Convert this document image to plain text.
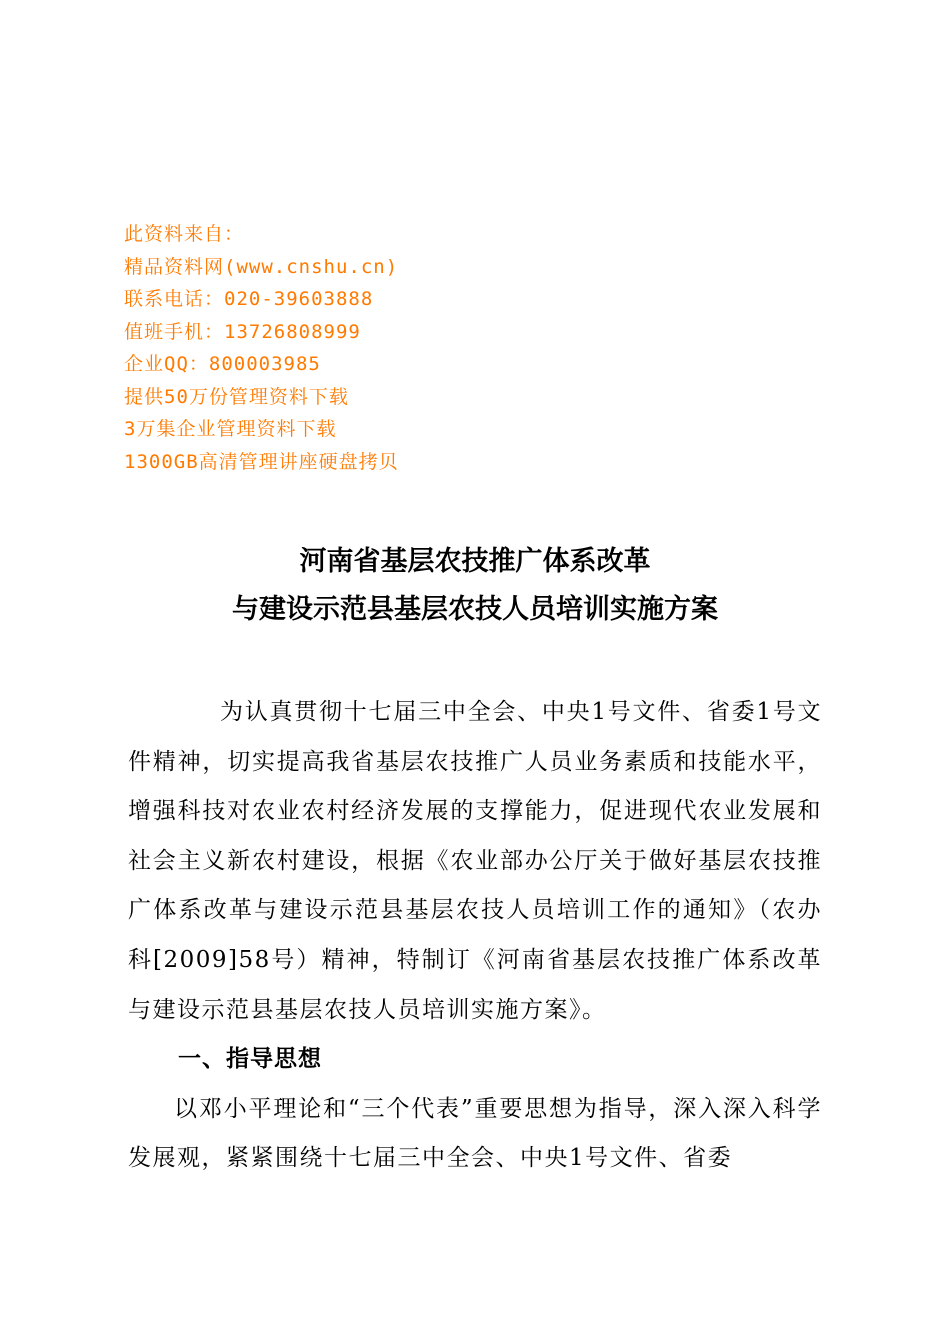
此资料来自：
精品资料网(www.cnshu.cn)
联系电话：020-39603888
值班手机：13726808999
企业QQ：800003985
提供50万份管理资料下载
3万集企业管理资料下载
1300GB高清管理讲座硬盘拷贝
河南省基层农技推广体系改革
与建设示范县基层农技人员培训实施方案

为认真贯彻十七届三中全会、中央1号文件、省委1号文件精神，切实提高我省基层农技推广人员业务素质和技能水平，增强科技对农业农村经济发展的支撑能力，促进现代农业发展和社会主义新农村建设，根据《农业部办公厅关于做好基层农技推广体系改革与建设示范县基层农技人员培训工作的通知》（农办科[2009]58号）精神，特制订《河南省基层农技推广体系改革与建设示范县基层农技人员培训实施方案》。

一、指导思想

以邓小平理论和“三个代表”重要思想为指导，深入深入科学发展观，紧紧围绕十七届三中全会、中央1号文件、省委
